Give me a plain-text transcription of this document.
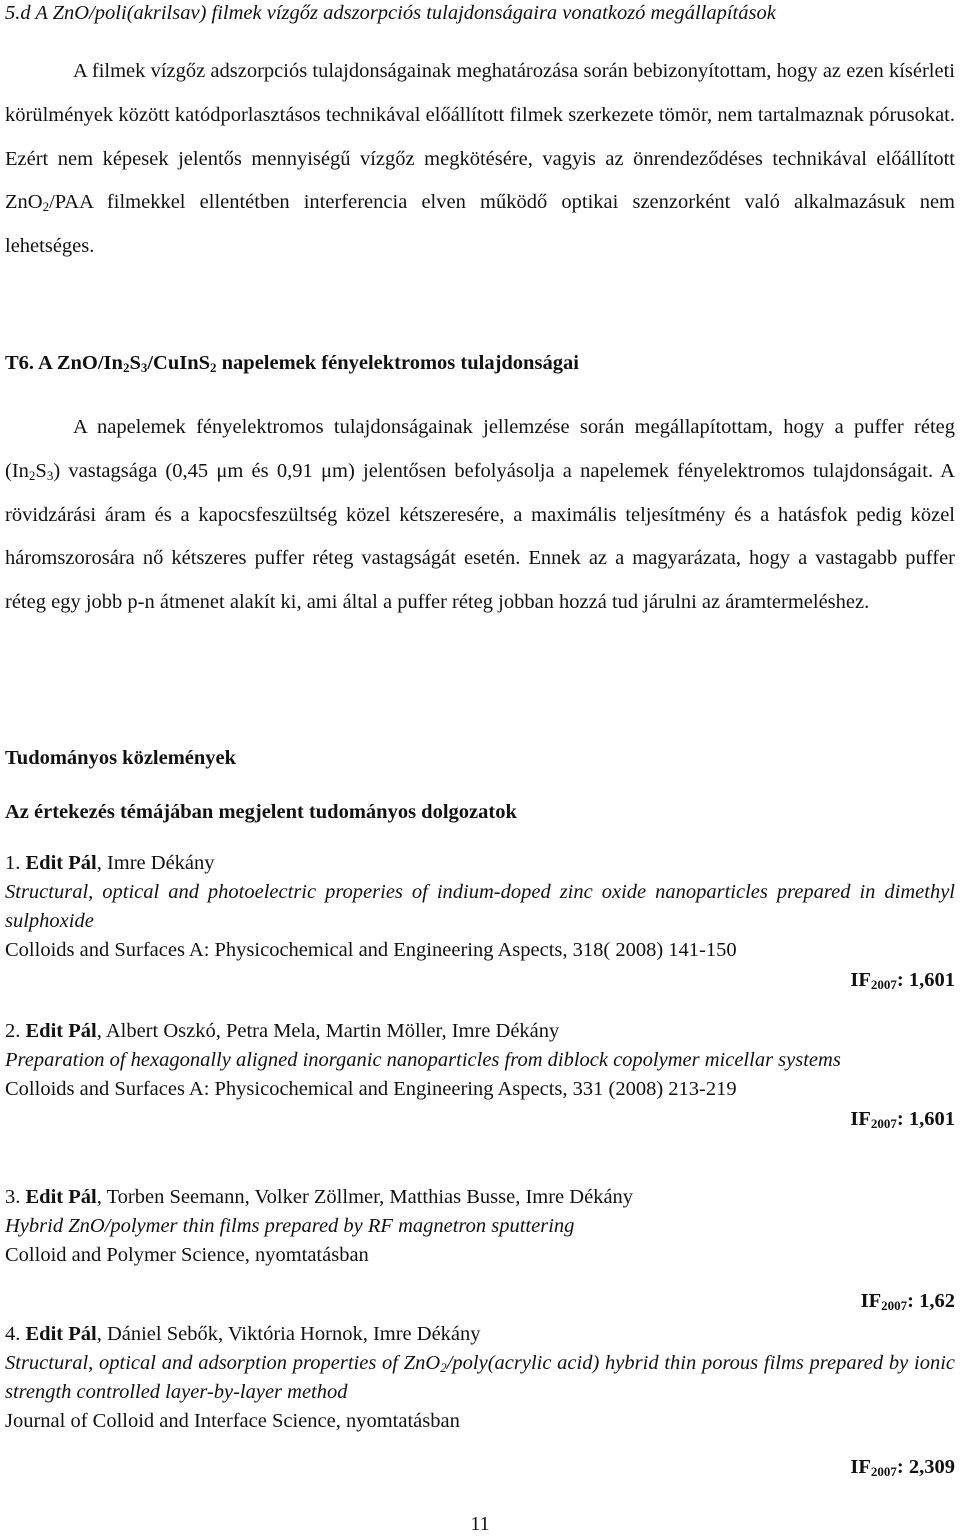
5.d A ZnO/poli(akrilsav) filmek vízgőz adszorpciós tulajdonságaira vonatkozó megállapítások

A filmek vízgőz adszorpciós tulajdonságainak meghatározása során bebizonyítottam, hogy az ezen kísérleti körülmények között katódporlasztásos technikával előállított filmek szerkezete tömör, nem tartalmaznak pórusokat. Ezért nem képesek jelentős mennyiségű vízgőz megkötésére, vagyis az önrendeződéses technikával előállított ZnO$_2$/PAA filmekkel ellentétben interferencia elven működő optikai szenzorként való alkalmazásuk nem lehetséges.

T6. A ZnO/$In_2S_3/CuInS_2$ napelemek fényelektromos tulajdonságai

A napelemek fényelektromos tulajdonságainak jellemzése során megállapítottam, hogy a puffer réteg $(In_2S_3)$ vastagsága (0,45 μm és 0,91 μm) jelentősen befolyásolja a napelemek fényelektromos tulajdonságait. A rövidzárási áram és a kapocsfeszültség közel kétszeresére, a maximális teljesítmény és a hatásfok pedig közel háromszorosára nő kétszeres puffer réteg vastagságát esetén. Ennek az a magyarázata, hogy a vastagabb puffer réteg egy jobb p-n átmenet alakít ki, ami által a puffer réteg jobban hozzá tud járulni az áramtermeléshez.

Tudományos közlemények
Az értekezés témájában megjelent tudományos dolgozatok
1. Edit Pál, Imre Dékány
Structural, optical and photoelectric properies of indium-doped zinc oxide nanoparticles prepared in dimethyl sulphoxide
Colloids and Surfaces A: Physicochemical and Engineering Aspects, 318( 2008) 141-150
$IF_{2007}$: 1,601
2. Edit Pál, Albert Oszkó, Petra Mela, Martin Möller, Imre Dékány
Preparation of hexagonally aligned inorganic nanoparticles from diblock copolymer micellar systems
Colloids and Surfaces A: Physicochemical and Engineering Aspects, 331 (2008) 213-219
$IF_{2007}$: 1,601
3. Edit Pál, Torben Seemann, Volker Zöllmer, Matthias Busse, Imre Dékány
Hybrid ZnO/polymer thin films prepared by RF magnetron sputtering
Colloid and Polymer Science, nyomtatásban
$IF_{2007}$: 1,62
4. Edit Pál, Dániel Sebők, Viktória Hornok, Imre Dékány
Structural, optical and adsorption properties of ZnO$_2$/poly(acrylic acid) hybrid thin porous films prepared by ionic strength controlled layer-by-layer method
Journal of Colloid and Interface Science, nyomtatásban
$IF_{2007}$: 2,309
11
